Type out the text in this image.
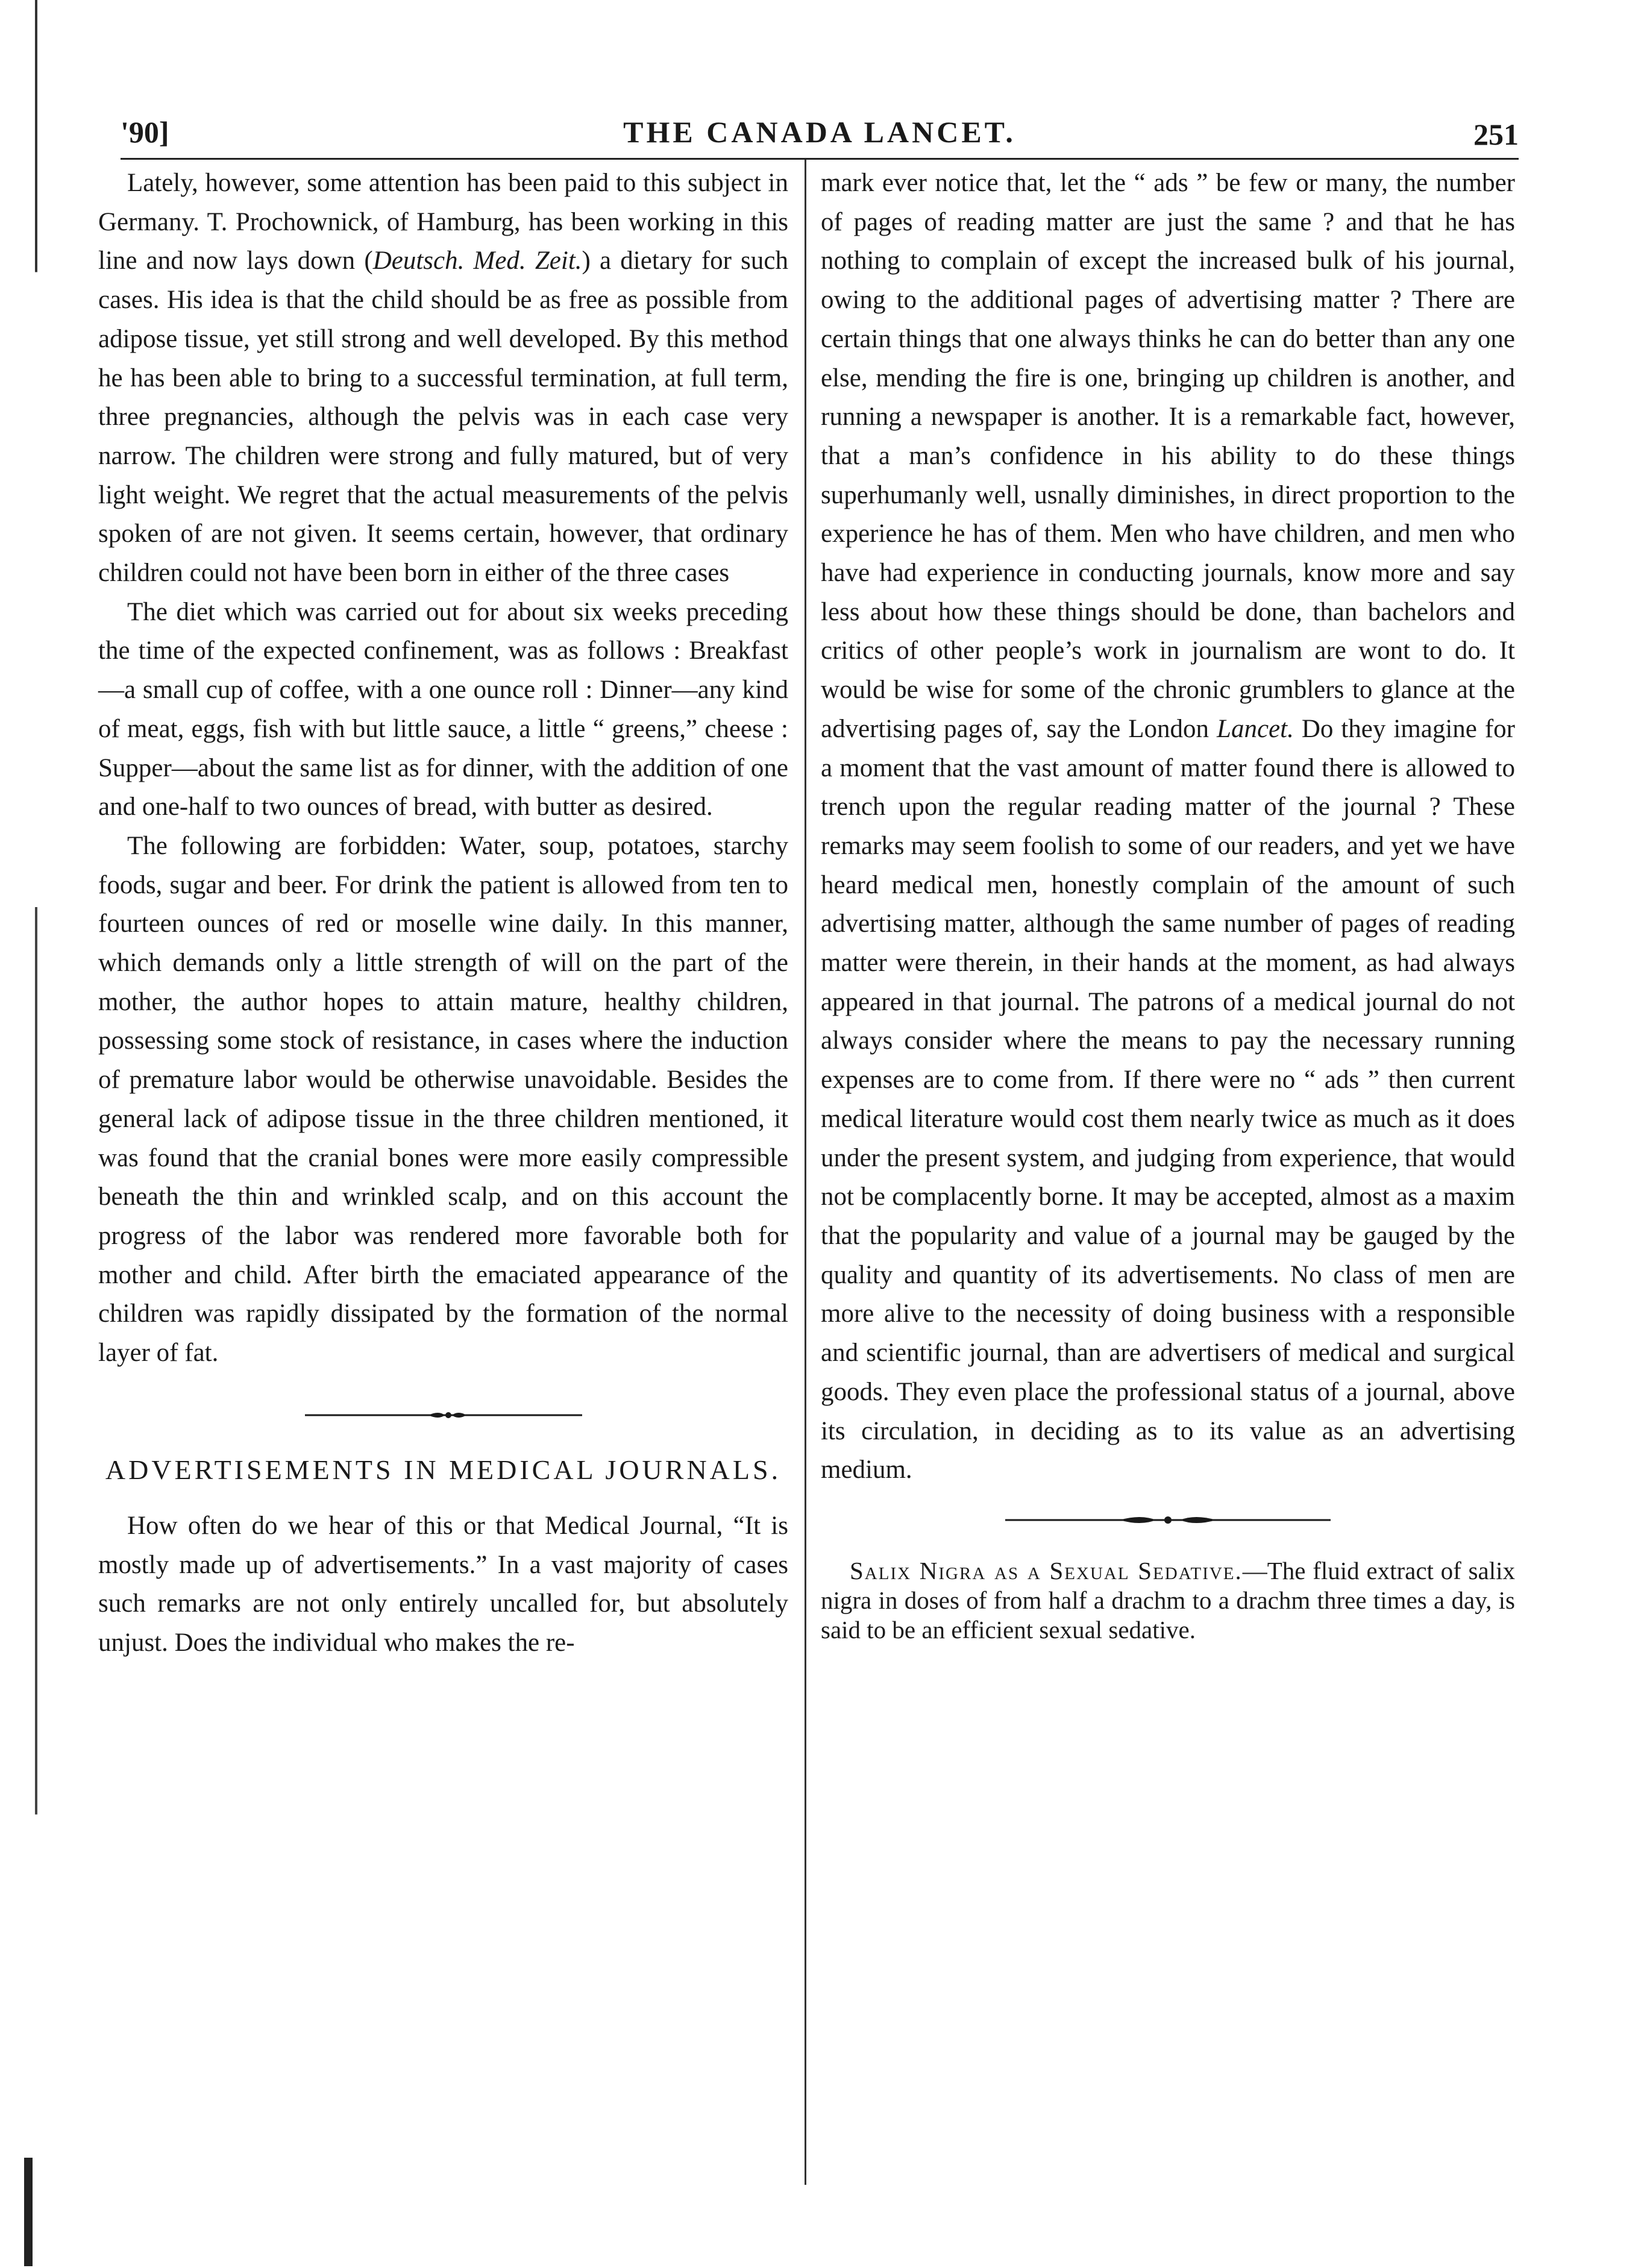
'90]	THE CANADA LANCET.	251

Lately, however, some attention has been paid to this subject in Germany. T. Prochownick, of Hamburg, has been working in this line and now lays down (Deutsch. Med. Zeit.) a dietary for such cases. His idea is that the child should be as free as possible from adipose tissue, yet still strong and well developed. By this method he has been able to bring to a successful termination, at full term, three pregnancies, although the pelvis was in each case very narrow. The children were strong and fully matured, but of very light weight. We regret that the actual measurements of the pelvis spoken of are not given. It seems certain, however, that ordinary children could not have been born in either of the three cases

The diet which was carried out for about six weeks preceding the time of the expected confinement, was as follows : Breakfast—a small cup of coffee, with a one ounce roll : Dinner—any kind of meat, eggs, fish with but little sauce, a little “ greens,” cheese : Supper—about the same list as for dinner, with the addition of one and one-half to two ounces of bread, with butter as desired.

The following are forbidden: Water, soup, potatoes, starchy foods, sugar and beer. For drink the patient is allowed from ten to fourteen ounces of red or moselle wine daily. In this manner, which demands only a little strength of will on the part of the mother, the author hopes to attain mature, healthy children, possessing some stock of resistance, in cases where the induction of premature labor would be otherwise unavoidable. Besides the general lack of adipose tissue in the three children mentioned, it was found that the cranial bones were more easily compressible beneath the thin and wrinkled scalp, and on this account the progress of the labor was rendered more favorable both for mother and child. After birth the emaciated appearance of the children was rapidly dissipated by the formation of the normal layer of fat.

ADVERTISEMENTS IN MEDICAL JOURNALS.

How often do we hear of this or that Medical Journal, “It is mostly made up of advertisements.” In a vast majority of cases such remarks are not only entirely uncalled for, but absolutely unjust. Does the individual who makes the re-

mark ever notice that, let the “ ads ” be few or many, the number of pages of reading matter are just the same ? and that he has nothing to complain of except the increased bulk of his journal, owing to the additional pages of advertising matter ? There are certain things that one always thinks he can do better than any one else, mending the fire is one, bringing up children is another, and running a newspaper is another. It is a remarkable fact, however, that a man’s confidence in his ability to do these things superhumanly well, usnally diminishes, in direct proportion to the experience he has of them. Men who have children, and men who have had experience in conducting journals, know more and say less about how these things should be done, than bachelors and critics of other people’s work in journalism are wont to do. It would be wise for some of the chronic grumblers to glance at the advertising pages of, say the London Lancet. Do they imagine for a moment that the vast amount of matter found there is allowed to trench upon the regular reading matter of the journal ? These remarks may seem foolish to some of our readers, and yet we have heard medical men, honestly complain of the amount of such advertising matter, although the same number of pages of reading matter were therein, in their hands at the moment, as had always appeared in that journal. The patrons of a medical journal do not always consider where the means to pay the necessary running expenses are to come from. If there were no “ ads ” then current medical literature would cost them nearly twice as much as it does under the present system, and judging from experience, that would not be complacently borne. It may be accepted, almost as a maxim that the popularity and value of a journal may be gauged by the quality and quantity of its advertisements. No class of men are more alive to the necessity of doing business with a responsible and scientific journal, than are advertisers of medical and surgical goods. They even place the professional status of a journal, above its circulation, in deciding as to its value as an advertising medium.

Salix Nigra as a Sexual Sedative.—The fluid extract of salix nigra in doses of from half a drachm to a drachm three times a day, is said to be an efficient sexual sedative.
